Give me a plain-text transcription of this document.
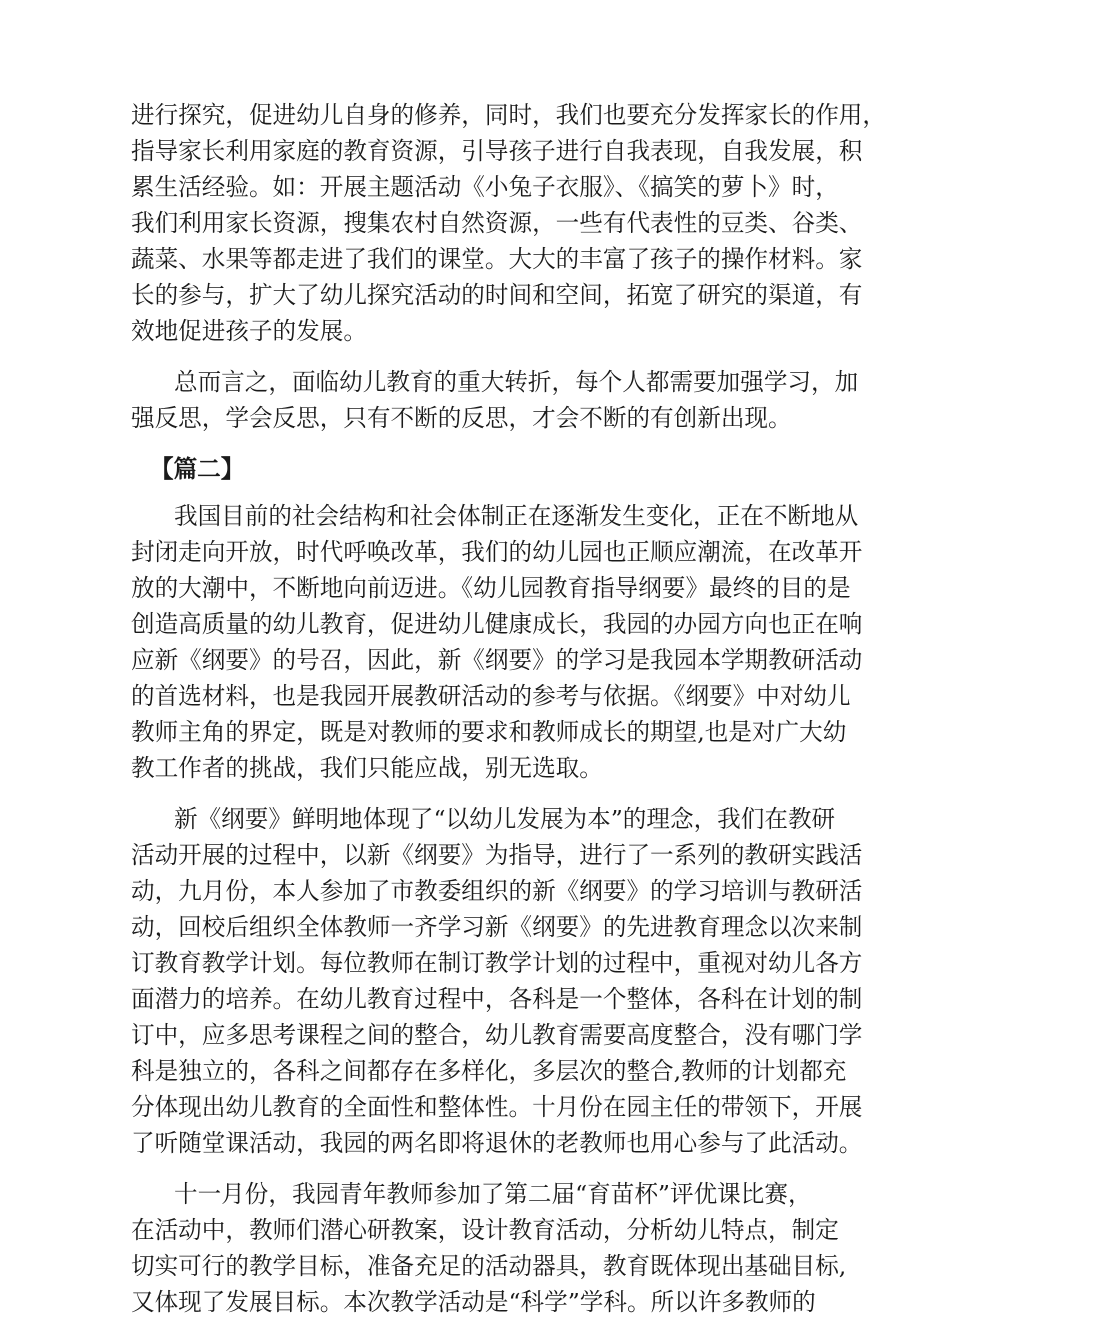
进行探究，促进幼儿自身的修养，同时，我们也要充分发挥家长的作用，

指导家长利用家庭的教育资源，引导孩子进行自我表现，自我发展，积

累生活经验。如：开展主题活动《小兔子衣服》、《搞笑的萝卜》时，

我们利用家长资源，搜集农村自然资源，一些有代表性的豆类、谷类、

蔬菜、水果等都走进了我们的课堂。大大的丰富了孩子的操作材料。家

长的参与，扩大了幼儿探究活动的时间和空间，拓宽了研究的渠道，有

效地促进孩子的发展。

总而言之，面临幼儿教育的重大转折，每个人都需要加强学习，加

强反思，学会反思，只有不断的反思，才会不断的有创新出现。

【篇二】

我国目前的社会结构和社会体制正在逐渐发生变化，正在不断地从

封闭走向开放，时代呼唤改革，我们的幼儿园也正顺应潮流，在改革开

放的大潮中，不断地向前迈进。《幼儿园教育指导纲要》最终的目的是

创造高质量的幼儿教育，促进幼儿健康成长，我园的办园方向也正在响

应新《纲要》的号召，因此，新《纲要》的学习是我园本学期教研活动

的首选材料，也是我园开展教研活动的参考与依据。《纲要》中对幼儿

教师主角的界定，既是对教师的要求和教师成长的期望,也是对广大幼

教工作者的挑战，我们只能应战，别无选取。

新《纲要》鲜明地体现了“以幼儿发展为本”的理念，我们在教研

活动开展的过程中，以新《纲要》为指导，进行了一系列的教研实践活

动，九月份，本人参加了市教委组织的新《纲要》的学习培训与教研活

动，回校后组织全体教师一齐学习新《纲要》的先进教育理念以次来制

订教育教学计划。每位教师在制订教学计划的过程中，重视对幼儿各方

面潜力的培养。在幼儿教育过程中，各科是一个整体，各科在计划的制

订中，应多思考课程之间的整合，幼儿教育需要高度整合，没有哪门学

科是独立的，各科之间都存在多样化，多层次的整合,教师的计划都充

分体现出幼儿教育的全面性和整体性。十月份在园主任的带领下，开展

了听随堂课活动，我园的两名即将退休的老教师也用心参与了此活动。

十一月份，我园青年教师参加了第二届“育苗杯”评优课比赛，

在活动中，教师们潜心研教案，设计教育活动，分析幼儿特点，制定

切实可行的教学目标，准备充足的活动器具，教育既体现出基础目标,

又体现了发展目标。本次教学活动是“科学”学科。所以许多教师的
